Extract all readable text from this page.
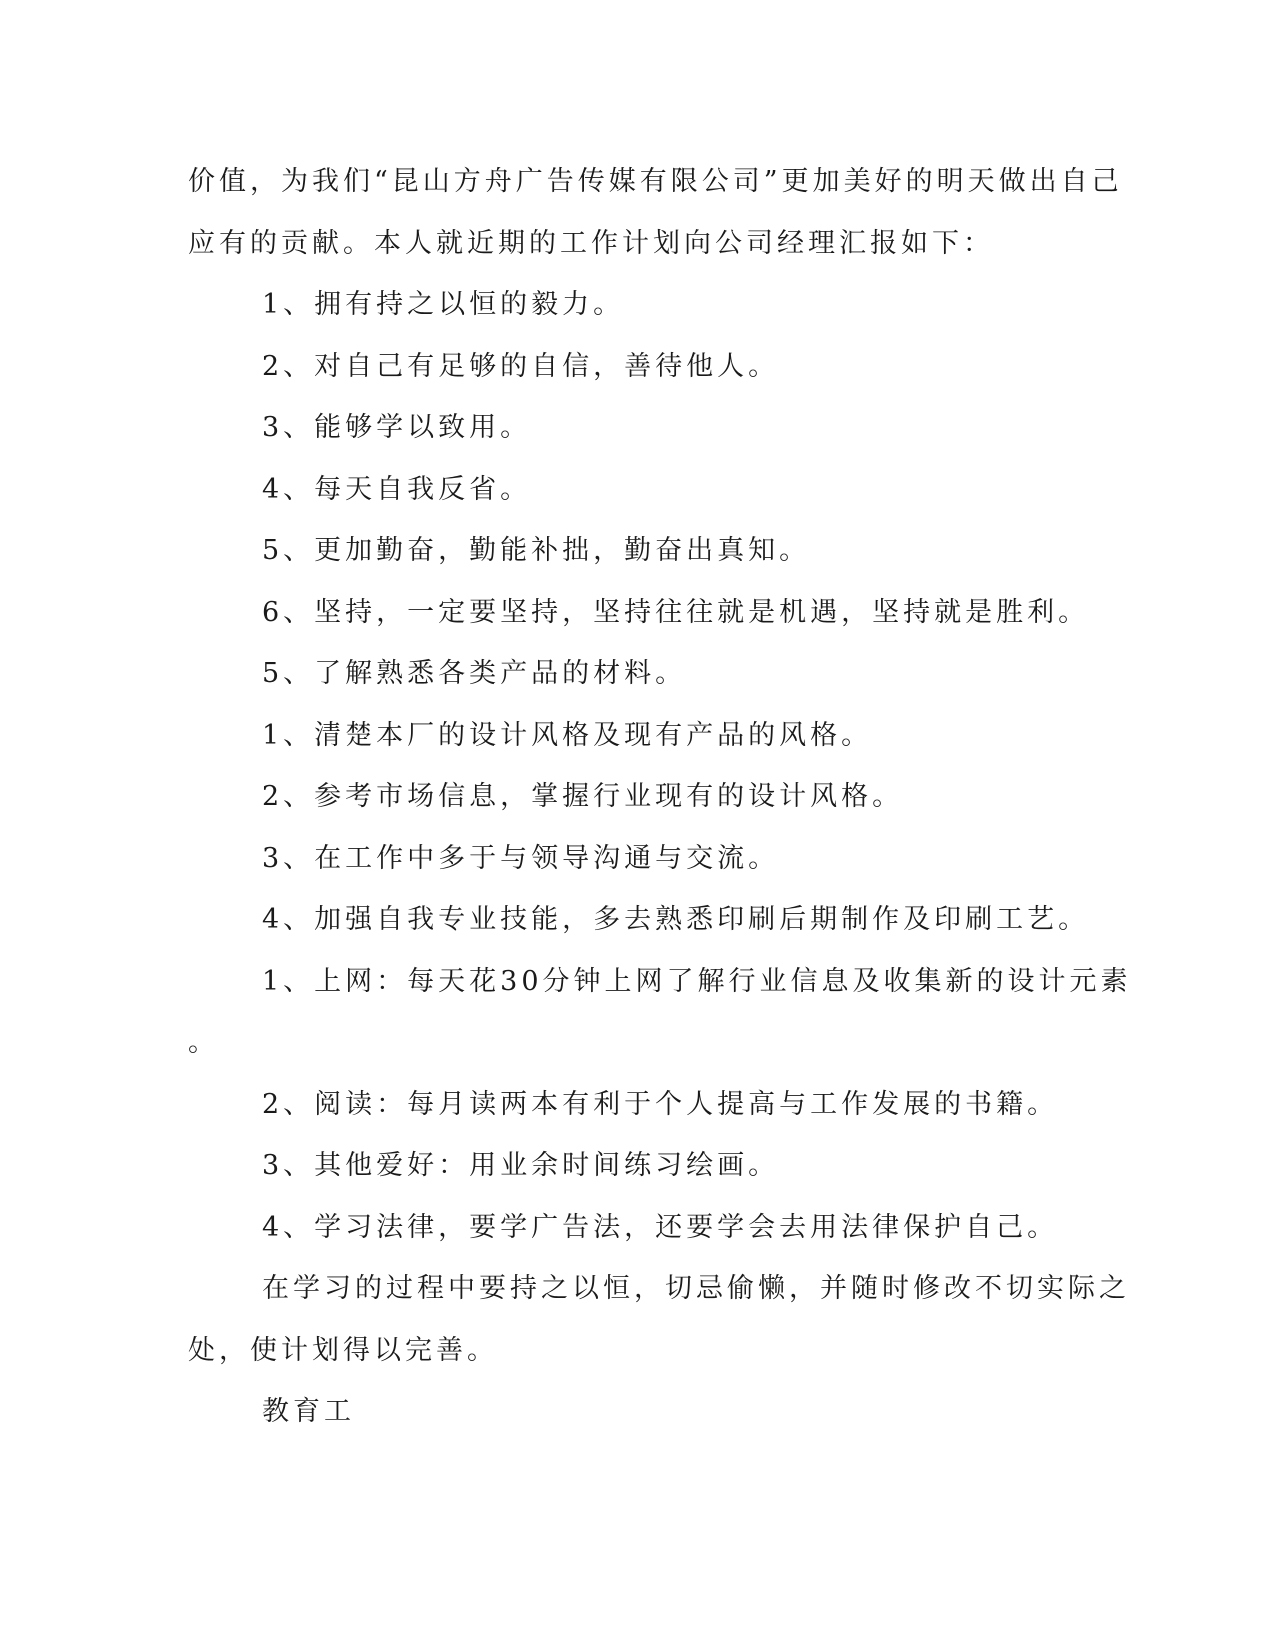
价值，为我们“昆山方舟广告传媒有限公司”更加美好的明天做出自己
应有的贡献。本人就近期的工作计划向公司经理汇报如下：
1、拥有持之以恒的毅力。
2、对自己有足够的自信，善待他人。
3、能够学以致用。
4、每天自我反省。
5、更加勤奋，勤能补拙，勤奋出真知。
6、坚持，一定要坚持，坚持往往就是机遇，坚持就是胜利。
5、了解熟悉各类产品的材料。
1、清楚本厂的设计风格及现有产品的风格。
2、参考市场信息，掌握行业现有的设计风格。
3、在工作中多于与领导沟通与交流。
4、加强自我专业技能，多去熟悉印刷后期制作及印刷工艺。
1、上网：每天花30分钟上网了解行业信息及收集新的设计元素
。
2、阅读：每月读两本有利于个人提高与工作发展的书籍。
3、其他爱好：用业余时间练习绘画。
4、学习法律，要学广告法，还要学会去用法律保护自己。
在学习的过程中要持之以恒，切忌偷懒，并随时修改不切实际之
处，使计划得以完善。
教育工
